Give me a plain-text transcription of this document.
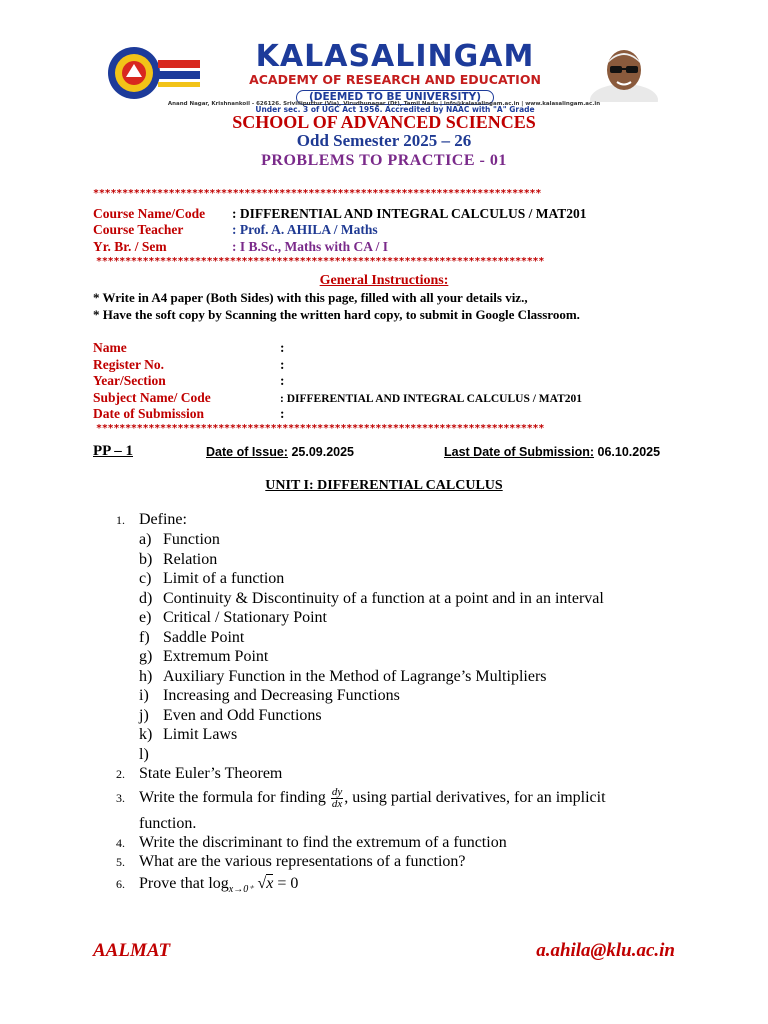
KALASALINGAM
ACADEMY OF RESEARCH AND EDUCATION
(DEEMED TO BE UNIVERSITY)
Under sec. 3 of UGC Act 1956. Accredited by NAAC with "A" Grade
Anand Nagar, Krishnankoil - 626126. Srivilliputtur (Via), Virudhunagar (Dt), Tamil Nadu | info@kalasalingam.ac.in | www.kalasalingam.ac.in
SCHOOL OF ADVANCED SCIENCES
Odd Semester 2025 – 26
PROBLEMS TO PRACTICE - 01
*****************************************************************************
Course Name/Code : DIFFERENTIAL AND INTEGRAL CALCULUS / MAT201
Course Teacher	: Prof. A. AHILA / Maths
Yr. Br. / Sem	: I B.Sc., Maths with CA / I
*****************************************************************************
General Instructions:
* Write in A4 paper (Both Sides) with this page, filled with all your details viz.,
* Have the soft copy by Scanning the written hard copy, to submit in Google Classroom.
Name	:
Register No.	:
Year/Section	:
Subject Name/ Code	: DIFFERENTIAL AND INTEGRAL CALCULUS / MAT201
Date of Submission	:
*****************************************************************************
PP – 1	Date of Issue: 25.09.2025	Last Date of Submission: 06.10.2025
UNIT I: DIFFERENTIAL CALCULUS
1. Define:
a) Function
b) Relation
c) Limit of a function
d) Continuity & Discontinuity of a function at a point and in an interval
e) Critical / Stationary Point
f) Saddle Point
g) Extremum Point
h) Auxiliary Function in the Method of Lagrange’s Multipliers
i) Increasing and Decreasing Functions
j) Even and Odd Functions
k) Limit Laws
l)
2. State Euler’s Theorem
3. Write the formula for finding $\frac{dy}{dx}$ , using partial derivatives, for an implicit
function.
4. Write the discriminant to find the extremum of a function
5. What are the various representations of a function?
6. Prove that $\log_{x\to 0^+} √x = 0$
AALMAT	a.ahila@klu.ac.in
